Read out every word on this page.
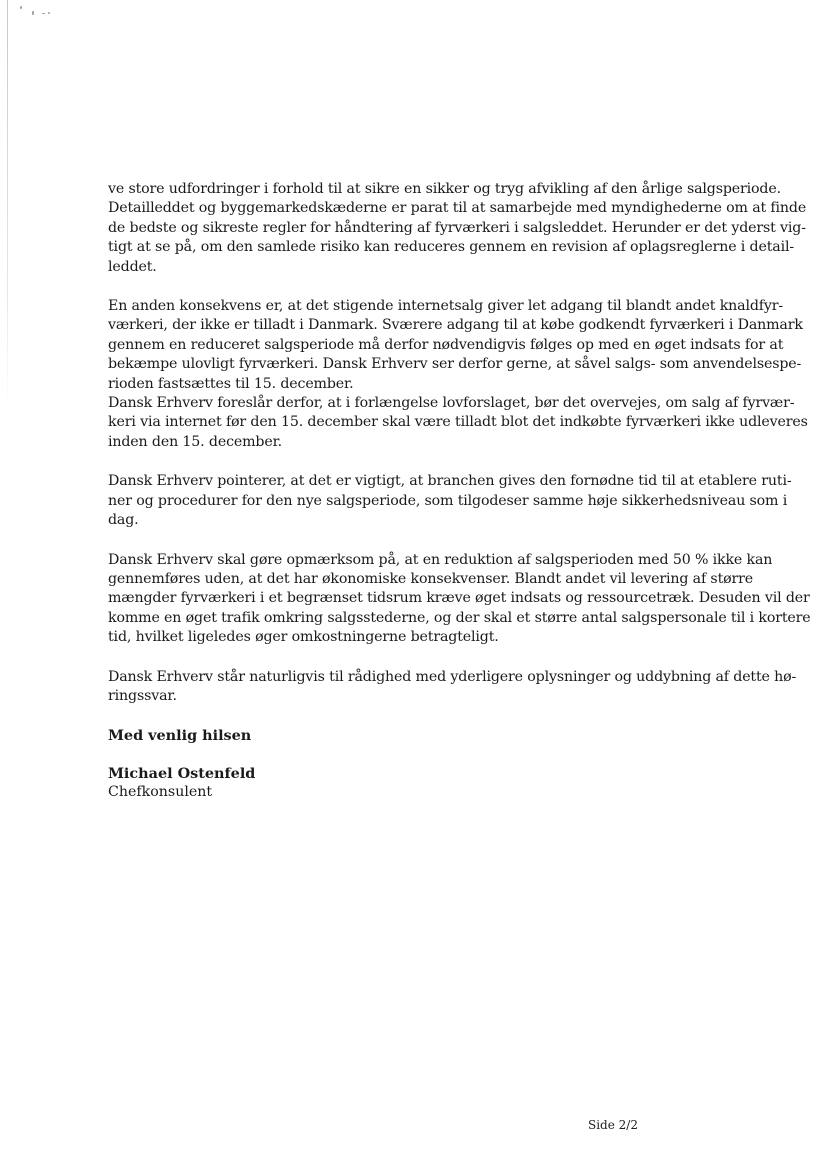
ve store udfordringer i forhold til at sikre en sikker og tryg afvikling af den årlige salgsperiode.
Detailleddet og byggemarkedskæderne er parat til at samarbejde med myndighederne om at finde
de bedste og sikreste regler for håndtering af fyrværkeri i salgsleddet. Herunder er det yderst vig-
tigt at se på, om den samlede risiko kan reduceres gennem en revision af oplagsreglerne i detail-
leddet.

En anden konsekvens er, at det stigende internetsalg giver let adgang til blandt andet knaldfyr-
værkeri, der ikke er tilladt i Danmark. Sværere adgang til at købe godkendt fyrværkeri i Danmark
gennem en reduceret salgsperiode må derfor nødvendigvis følges op med en øget indsats for at
bekæmpe ulovligt fyrværkeri. Dansk Erhverv ser derfor gerne, at såvel salgs- som anvendelsespe-
rioden fastsættes til 15. december.
Dansk Erhverv foreslår derfor, at i forlængelse lovforslaget, bør det overvejes, om salg af fyrvær-
keri via internet før den 15. december skal være tilladt blot det indkøbte fyrværkeri ikke udleveres
inden den 15. december.

Dansk Erhverv pointerer, at det er vigtigt, at branchen gives den fornødne tid til at etablere ruti-
ner og procedurer for den nye salgsperiode, som tilgodeser samme høje sikkerhedsniveau som i
dag.

Dansk Erhverv skal gøre opmærksom på, at en reduktion af salgsperioden med 50 % ikke kan
gennemføres uden, at det har økonomiske konsekvenser. Blandt andet vil levering af større
mængder fyrværkeri i et begrænset tidsrum kræve øget indsats og ressourcetræk. Desuden vil der
komme en øget trafik omkring salgsstederne, og der skal et større antal salgspersonale til i kortere
tid, hvilket ligeledes øger omkostningerne betragteligt.

Dansk Erhverv står naturligvis til rådighed med yderligere oplysninger og uddybning af dette hø-
ringssvar.

Med venlig hilsen

Michael Ostenfeld
Chefkonsulent
Side 2/2
